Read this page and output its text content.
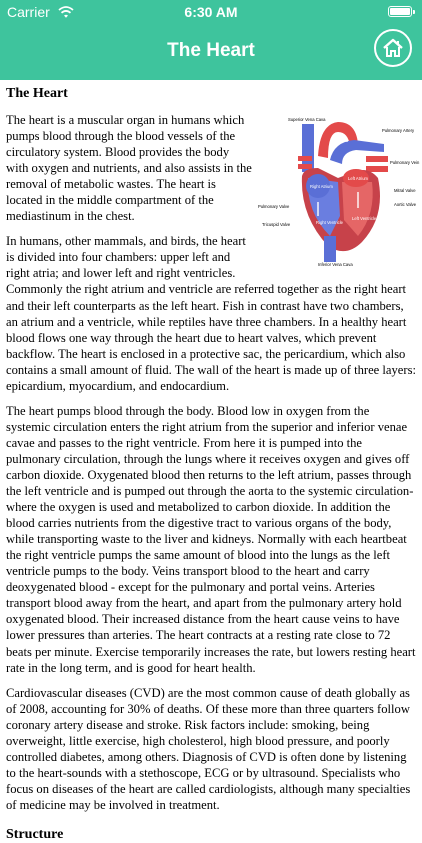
Carrier	6:30 AM
The Heart
The Heart
Superior Vena Cava
Aorta
Pulmonary Artery
Pulmonary Vein
Right Atrium
Left Atrium
Mitral Valve
Pulmonary Valve	Aortic Valve
Tricuspid Valve	Right Ventricle
Left Ventricle
Inferior Vena Cava

The heart is a muscular organ in humans which pumps blood through the blood vessels of the circulatory system. Blood provides the body with oxygen and nutrients, and also assists in the removal of metabolic wastes. The heart is located in the middle compartment of the mediastinum in the chest.

In humans, other mammals, and birds, the heart is divided into four chambers: upper left and right atria; and lower left and right ventricles. Commonly the right atrium and ventricle are referred together as the right heart and their left counterparts as the left heart. Fish in contrast have two chambers, an atrium and a ventricle, while reptiles have three chambers. In a healthy heart blood flows one way through the heart due to heart valves, which prevent backflow. The heart is enclosed in a protective sac, the pericardium, which also contains a small amount of fluid. The wall of the heart is made up of three layers: epicardium, myocardium, and endocardium.

The heart pumps blood through the body. Blood low in oxygen from the systemic circulation enters the right atrium from the superior and inferior venae cavae and passes to the right ventricle. From here it is pumped into the pulmonary circulation, through the lungs where it receives oxygen and gives off carbon dioxide. Oxygenated blood then returns to the left atrium, passes through the left ventricle and is pumped out through the aorta to the systemic circulation-where the oxygen is used and metabolized to carbon dioxide. In addition the blood carries nutrients from the digestive tract to various organs of the body, while transporting waste to the liver and kidneys. Normally with each heartbeat the right ventricle pumps the same amount of blood into the lungs as the left ventricle pumps to the body. Veins transport blood to the heart and carry deoxygenated blood - except for the pulmonary and portal veins. Arteries transport blood away from the heart, and apart from the pulmonary artery hold oxygenated blood. Their increased distance from the heart cause veins to have lower pressures than arteries. The heart contracts at a resting rate close to 72 beats per minute. Exercise temporarily increases the rate, but lowers resting heart rate in the long term, and is good for heart health.

Cardiovascular diseases (CVD) are the most common cause of death globally as of 2008, accounting for 30% of deaths. Of these more than three quarters follow coronary artery disease and stroke. Risk factors include: smoking, being overweight, little exercise, high cholesterol, high blood pressure, and poorly controlled diabetes, among others. Diagnosis of CVD is often done by listening to the heart-sounds with a stethoscope, ECG or by ultrasound. Specialists who focus on diseases of the heart are called cardiologists, although many specialties of medicine may be involved in treatment.

Structure
